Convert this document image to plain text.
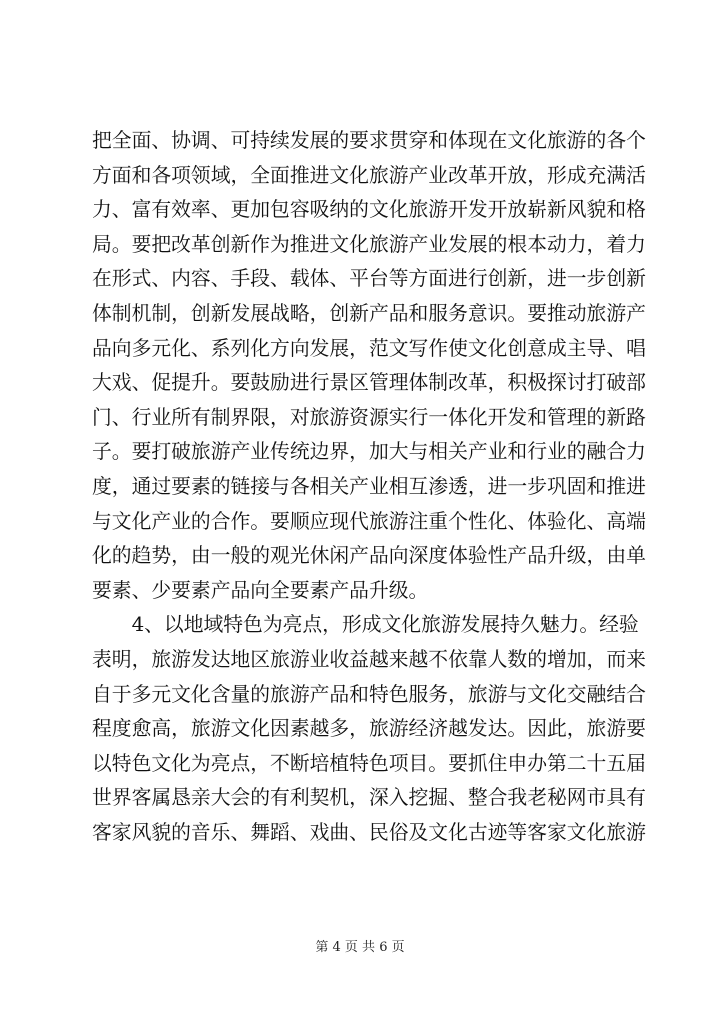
把全面、协调、可持续发展的要求贯穿和体现在文化旅游的各个
方面和各项领域，全面推进文化旅游产业改革开放，形成充满活
力、富有效率、更加包容吸纳的文化旅游开发开放崭新风貌和格
局。要把改革创新作为推进文化旅游产业发展的根本动力，着力
在形式、内容、手段、载体、平台等方面进行创新，进一步创新
体制机制，创新发展战略，创新产品和服务意识。要推动旅游产
品向多元化、系列化方向发展，范文写作使文化创意成主导、唱
大戏、促提升。要鼓励进行景区管理体制改革，积极探讨打破部
门、行业所有制界限，对旅游资源实行一体化开发和管理的新路
子。要打破旅游产业传统边界，加大与相关产业和行业的融合力
度，通过要素的链接与各相关产业相互渗透，进一步巩固和推进
与文化产业的合作。要顺应现代旅游注重个性化、体验化、高端
化的趋势，由一般的观光休闲产品向深度体验性产品升级，由单
要素、少要素产品向全要素产品升级。
　　4、以地域特色为亮点，形成文化旅游发展持久魅力。经验
表明，旅游发达地区旅游业收益越来越不依靠人数的增加，而来
自于多元文化含量的旅游产品和特色服务，旅游与文化交融结合
程度愈高，旅游文化因素越多，旅游经济越发达。因此，旅游要
以特色文化为亮点，不断培植特色项目。要抓住申办第二十五届
世界客属恳亲大会的有利契机，深入挖掘、整合我老秘网市具有
客家风貌的音乐、舞蹈、戏曲、民俗及文化古迹等客家文化旅游
第 4 页 共 6 页
